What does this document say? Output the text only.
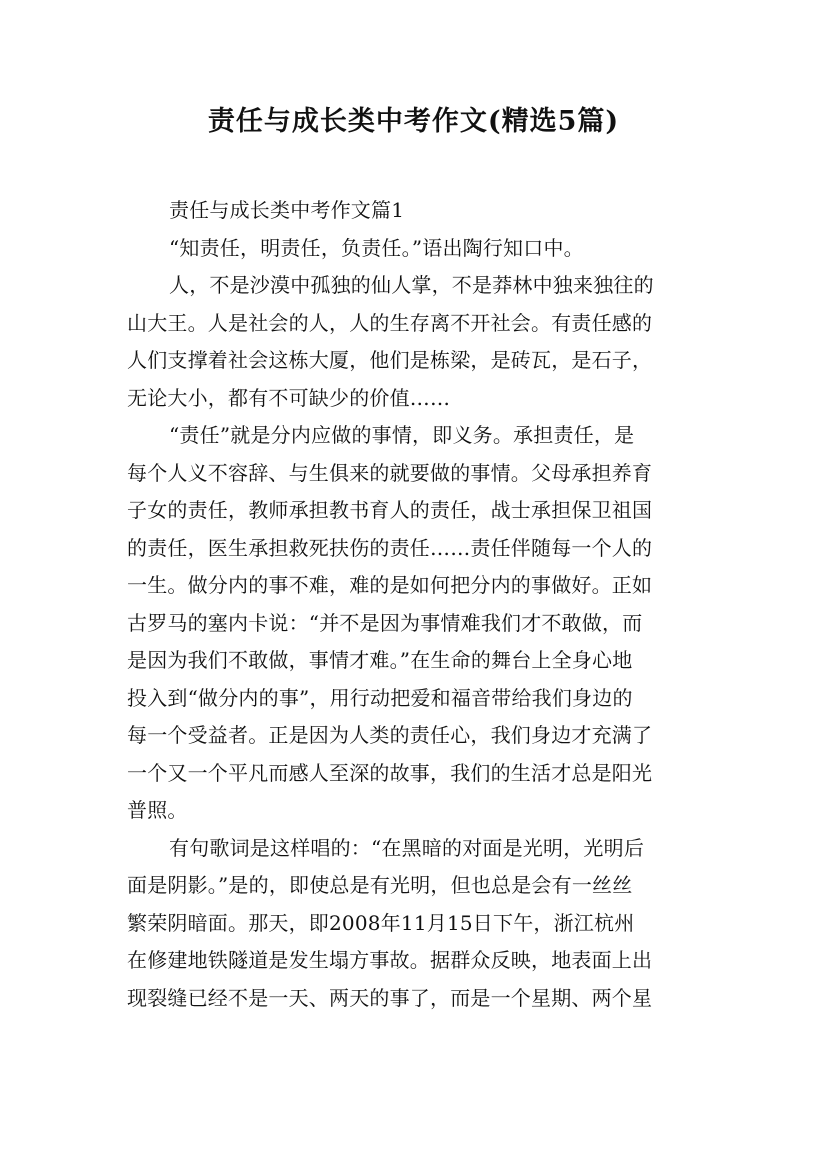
责任与成长类中考作文(精选5篇)
责任与成长类中考作文篇1
“知责任，明责任，负责任。”语出陶行知口中。
人，不是沙漠中孤独的仙人掌，不是莽林中独来独往的
山大王。人是社会的人，人的生存离不开社会。有责任感的
人们支撑着社会这栋大厦，他们是栋梁，是砖瓦，是石子，
无论大小，都有不可缺少的价值……
“责任”就是分内应做的事情，即义务。承担责任，是
每个人义不容辞、与生俱来的就要做的事情。父母承担养育
子女的责任，教师承担教书育人的责任，战士承担保卫祖国
的责任，医生承担救死扶伤的责任……责任伴随每一个人的
一生。做分内的事不难，难的是如何把分内的事做好。正如
古罗马的塞内卡说：“并不是因为事情难我们才不敢做，而
是因为我们不敢做，事情才难。”在生命的舞台上全身心地
投入到“做分内的事”，用行动把爱和福音带给我们身边的
每一个受益者。正是因为人类的责任心，我们身边才充满了
一个又一个平凡而感人至深的故事，我们的生活才总是阳光
普照。
有句歌词是这样唱的：“在黑暗的对面是光明，光明后
面是阴影。”是的，即使总是有光明，但也总是会有一丝丝
繁荣阴暗面。那天，即2008年11月15日下午，浙江杭州
在修建地铁隧道是发生塌方事故。据群众反映，地表面上出
现裂缝已经不是一天、两天的事了，而是一个星期、两个星
